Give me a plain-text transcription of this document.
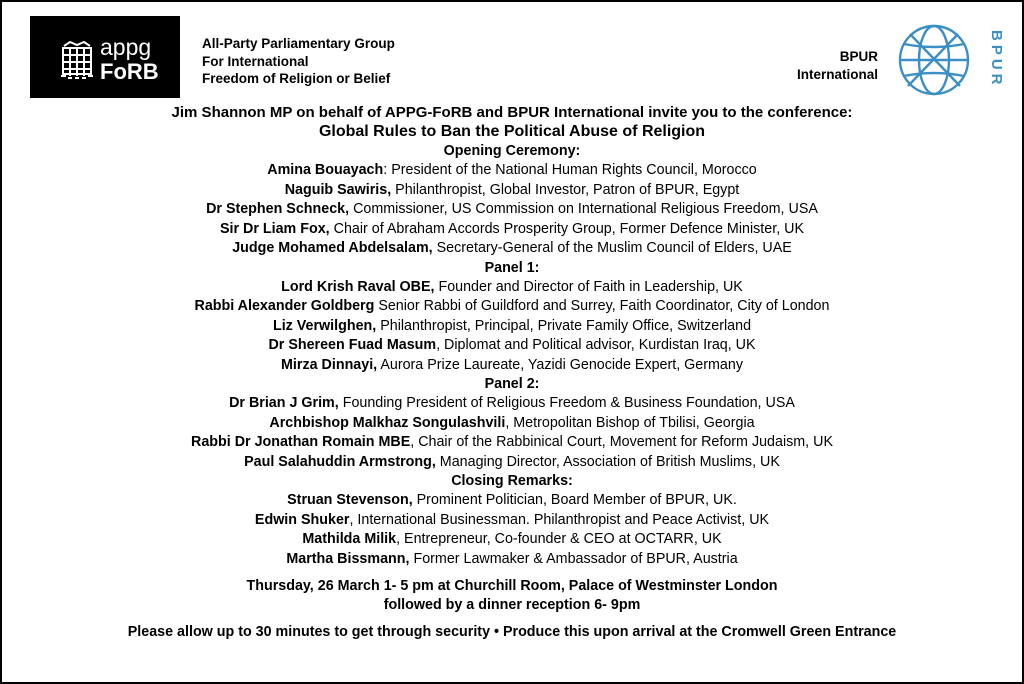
appg
FoRB
All-Party Parliamentary Group
For International
Freedom of Religion or Belief
BPUR
International	BPUR
Jim Shannon MP on behalf of APPG-FoRB and BPUR International invite you to the conference:
Global Rules to Ban the Political Abuse of Religion
Opening Ceremony:
Amina Bouayach: President of the National Human Rights Council, Morocco
Naguib Sawiris, Philanthropist, Global Investor, Patron of BPUR, Egypt
Dr Stephen Schneck, Commissioner, US Commission on International Religious Freedom, USA
Sir Dr Liam Fox, Chair of Abraham Accords Prosperity Group, Former Defence Minister, UK
Judge Mohamed Abdelsalam, Secretary-General of the Muslim Council of Elders, UAE
Panel 1:
Lord Krish Raval OBE, Founder and Director of Faith in Leadership, UK
Rabbi Alexander Goldberg Senior Rabbi of Guildford and Surrey, Faith Coordinator, City of London
Liz Verwilghen, Philanthropist, Principal, Private Family Office, Switzerland
Dr Shereen Fuad Masum, Diplomat and Political advisor, Kurdistan Iraq, UK
Mirza Dinnayi, Aurora Prize Laureate, Yazidi Genocide Expert, Germany
Panel 2:
Dr Brian J Grim, Founding President of Religious Freedom & Business Foundation, USA
Archbishop Malkhaz Songulashvili, Metropolitan Bishop of Tbilisi, Georgia
Rabbi Dr Jonathan Romain MBE, Chair of the Rabbinical Court, Movement for Reform Judaism, UK
Paul Salahuddin Armstrong, Managing Director, Association of British Muslims, UK
Closing Remarks:
Struan Stevenson, Prominent Politician, Board Member of BPUR, UK.
Edwin Shuker, International Businessman. Philanthropist and Peace Activist, UK
Mathilda Milik, Entrepreneur, Co-founder & CEO at OCTARR, UK
Martha Bissmann, Former Lawmaker & Ambassador of BPUR, Austria
Thursday, 26 March 1- 5 pm at Churchill Room, Palace of Westminster London
followed by a dinner reception 6- 9pm
Please allow up to 30 minutes to get through security • Produce this upon arrival at the Cromwell Green Entrance
